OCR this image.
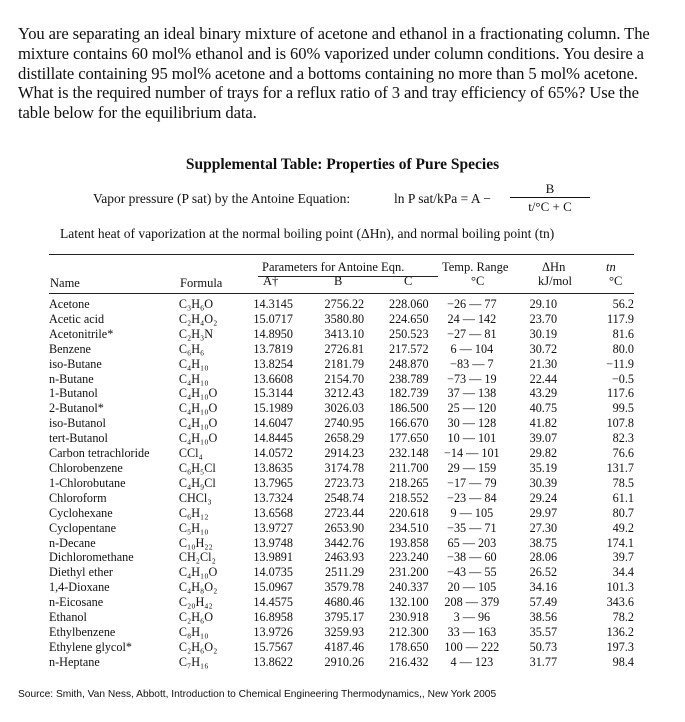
You are separating an ideal binary mixture of acetone and ethanol in a fractionating column. The mixture contains 60 mol% ethanol and is 60% vaporized under column conditions. You desire a distillate containing 95 mol% acetone and a bottoms containing no more than 5 mol% acetone. What is the required number of trays for a reflux ratio of 3 and tray efficiency of 65%? Use the table below for the equilibrium data.
Supplemental Table: Properties of Pure Species
Vapor pressure (P sat) by the Antoine Equation:	ln P $sat/kPa = A - \frac{B}{t/^\circ C + C}$
Latent heat of vaporization at the normal boiling point (ΔHn), and normal boiling point (tn)
Parameters for Antoine Eqn.	Temp. Range	ΔHn	tn
Name	Formula	A†	B	C	°C	kJ/mol	°C
Acetone	C₃H₆O	14.3145	2756.22	228.060	−26 — 77	29.10	56.2
Acetic acid	C₂H₄O₂	15.0717	3580.80	224.650	24 — 142	23.70	117.9
Acetonitrile*	C₂H₃N	14.8950	3413.10	250.523	−27 — 81	30.19	81.6
Benzene	C₆H₆	13.7819	2726.81	217.572	6 — 104	30.72	80.0
iso-Butane	C₄H₁₀	13.8254	2181.79	248.870	−83 — 7	21.30	−11.9
n-Butane	C₄H₁₀	13.6608	2154.70	238.789	−73 — 19	22.44	−0.5
1-Butanol	C₄H₁₀O	15.3144	3212.43	182.739	37 — 138	43.29	117.6
2-Butanol*	C₄H₁₀O	15.1989	3026.03	186.500	25 — 120	40.75	99.5
iso-Butanol	C₄H₁₀O	14.6047	2740.95	166.670	30 — 128	41.82	107.8
tert-Butanol	C₄H₁₀O	14.8445	2658.29	177.650	10 — 101	39.07	82.3
Carbon tetrachloride	CCl₄	14.0572	2914.23	232.148	−14 — 101	29.82	76.6
Chlorobenzene	C₆H₅Cl	13.8635	3174.78	211.700	29 — 159	35.19	131.7
1-Chlorobutane	C₄H₉Cl	13.7965	2723.73	218.265	−17 — 79	30.39	78.5
Chloroform	CHCl₃	13.7324	2548.74	218.552	−23 — 84	29.24	61.1
Cyclohexane	C₆H₁₂	13.6568	2723.44	220.618	9 — 105	29.97	80.7
Cyclopentane	C₅H₁₀	13.9727	2653.90	234.510	−35 — 71	27.30	49.2
n-Decane	C₁₀H₂₂	13.9748	3442.76	193.858	65 — 203	38.75	174.1
Dichloromethane	CH₂Cl₂	13.9891	2463.93	223.240	−38 — 60	28.06	39.7
Diethyl ether	C₄H₁₀O	14.0735	2511.29	231.200	−43 — 55	26.52	34.4
1,4-Dioxane	C₄H₈O₂	15.0967	3579.78	240.337	20 — 105	34.16	101.3
n-Eicosane	C₂₀H₄₂	14.4575	4680.46	132.100	208 — 379	57.49	343.6
Ethanol	C₂H₆O	16.8958	3795.17	230.918	3 — 96	38.56	78.2
Ethylbenzene	C₈H₁₀	13.9726	3259.93	212.300	33 — 163	35.57	136.2
Ethylene glycol*	C₂H₆O₂	15.7567	4187.46	178.650	100 — 222	50.73	197.3
n-Heptane	C₇H₁₆	13.8622	2910.26	216.432	4 — 123	31.77	98.4
Source: Smith, Van Ness, Abbott, Introduction to Chemical Engineering Thermodynamics,, New York 2005
